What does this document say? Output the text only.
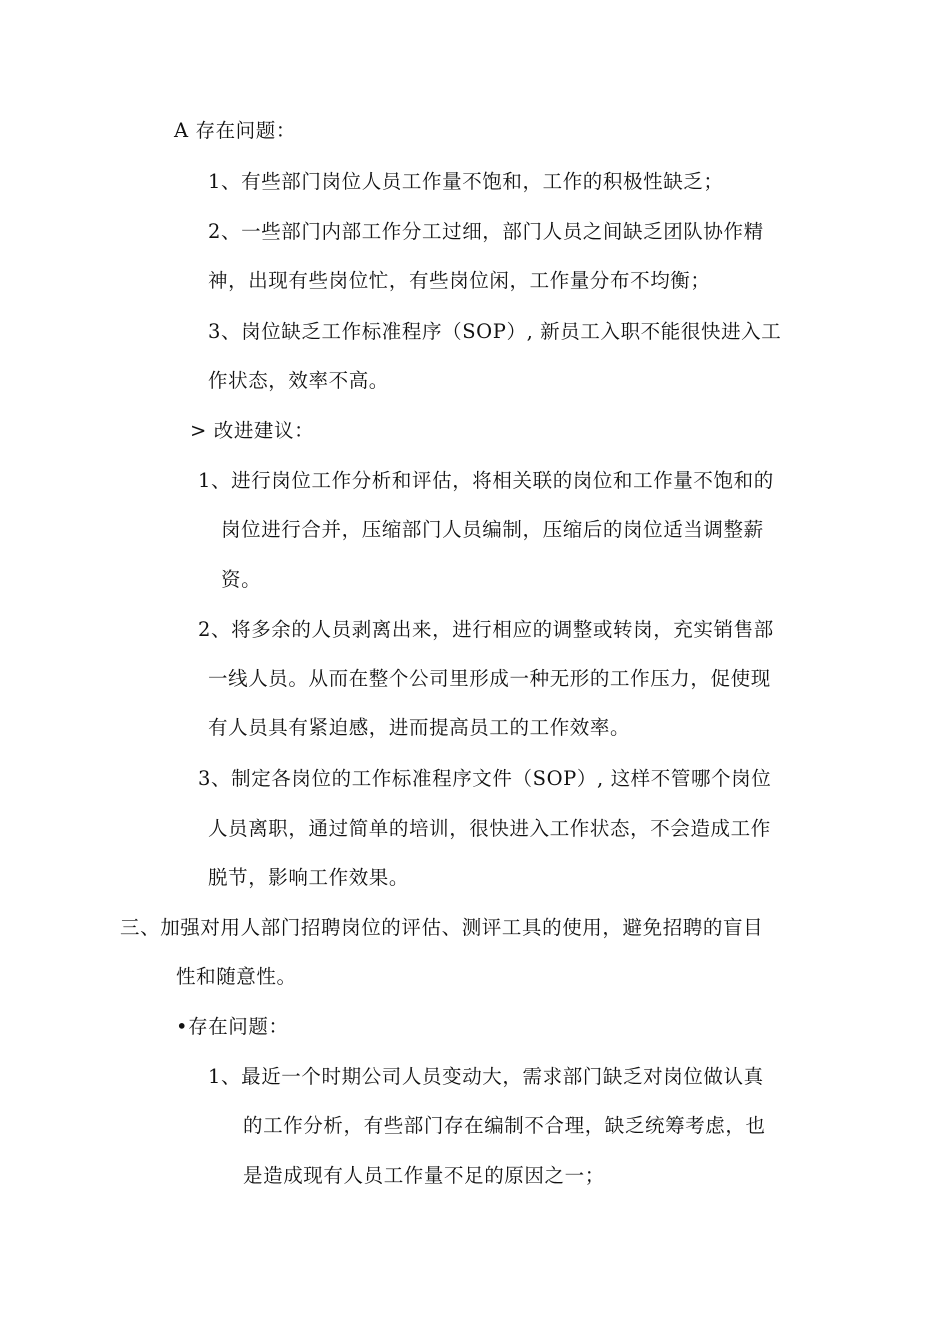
A 存在问题：
1、有些部门岗位人员工作量不饱和，工作的积极性缺乏；
2、一些部门内部工作分工过细，部门人员之间缺乏团队协作精
神，出现有些岗位忙，有些岗位闲，工作量分布不均衡；
3、岗位缺乏工作标准程序（SOP）, 新员工入职不能很快进入工
作状态，效率不高。
> 改进建议：
1、进行岗位工作分析和评估，将相关联的岗位和工作量不饱和的
岗位进行合并，压缩部门人员编制，压缩后的岗位适当调整薪
资。
2、将多余的人员剥离出来，进行相应的调整或转岗，充实销售部
一线人员。从而在整个公司里形成一种无形的工作压力，促使现
有人员具有紧迫感，进而提高员工的工作效率。
3、制定各岗位的工作标准程序文件（SOP）, 这样不管哪个岗位
人员离职，通过简单的培训，很快进入工作状态，不会造成工作
脱节，影响工作效果。
三、加强对用人部门招聘岗位的评估、测评工具的使用，避免招聘的盲目
性和随意性。
•存在问题：
1、最近一个时期公司人员变动大，需求部门缺乏对岗位做认真
的工作分析，有些部门存在编制不合理，缺乏统筹考虑，也
是造成现有人员工作量不足的原因之一；
